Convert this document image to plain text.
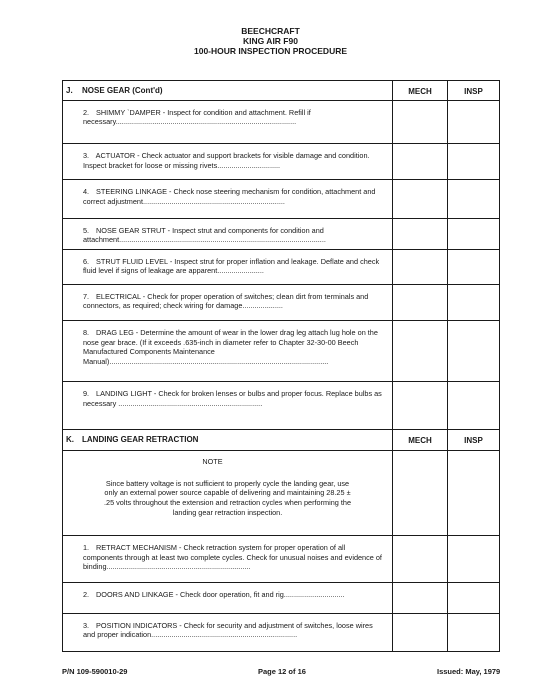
BEECHCRAFT
KING AIR F90
100-HOUR INSPECTION PROCEDURE
J. NOSE GEAR (Cont'd)	MECH	INSP

2. SHIMMY `DAMPER - Inspect for condition and attachment. Refill if necessary.........................................................................................		

3. ACTUATOR - Check actuator and support brackets for visible damage and condition. Inspect bracket for loose or missing rivets...............................		

4. STEERING LINKAGE - Check nose steering mechanism for condition, attachment and correct adjustment......................................................................		

5. NOSE GEAR STRUT - Inspect strut and components for condition and attachment......................................................................................................		

6. STRUT FLUID LEVEL - Inspect strut for proper inflation and leakage. Deflate and check fluid level if signs of leakage are apparent.......................		

7. ELECTRICAL - Check for proper operation of switches; clean dirt from terminals and connectors, as required; check wiring for damage....................		

8. DRAG LEG - Determine the amount of wear in the lower drag leg attach lug hole on the nose gear brace. (If it exceeds .635-inch in diameter refer to Chapter 32-30-00 Beech Manufactured Components Maintenance Manual)............................................................................................................		

9. LANDING LIGHT - Check for broken lenses or bulbs and proper focus. Replace bulbs as necessary .......................................................................		

K. LANDING GEAR RETRACTION	MECH	INSP

NOTE
Since battery voltage is not sufficient to properly cycle the landing gear, use only an external power source capable of delivering and maintaining 28.25 ± .25 volts throughout the extension and retraction cycles when performing the landing gear retraction inspection.		

1. RETRACT MECHANISM - Check retraction system for proper operation of all components through at least two complete cycles. Check for unusual noises and evidence of binding.......................................................................		

2. DOORS AND LINKAGE - Check door operation, fit and rig..............................		

3. POSITION INDICATORS - Check for security and adjustment of switches, loose wires and proper indication........................................................................		

P/N 109-590010-29	Page 12 of 16	Issued: May, 1979
